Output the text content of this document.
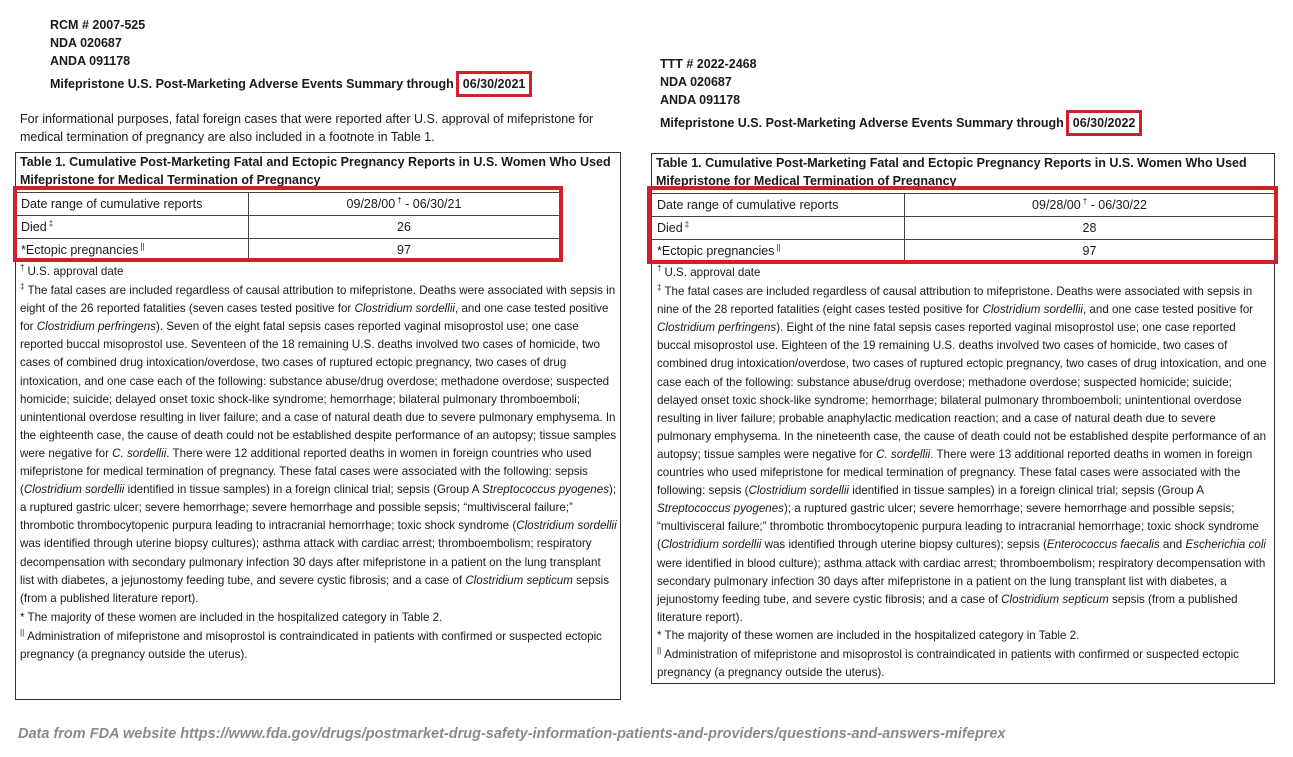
RCM # 2007-525
NDA 020687
ANDA 091178
Mifepristone U.S. Post-Marketing Adverse Events Summary through 06/30/2021
For informational purposes, fatal foreign cases that were reported after U.S. approval of mifepristone for medical termination of pregnancy are also included in a footnote in Table 1.
Table 1. Cumulative Post-Marketing Fatal and Ectopic Pregnancy Reports in U.S. Women Who Used Mifepristone for Medical Termination of Pregnancy
Date range of cumulative reports	09/28/00 † - 06/30/21
Died ‡	26
*Ectopic pregnancies ||	97

† U.S. approval date

‡ The fatal cases are included regardless of causal attribution to mifepristone. Deaths were associated with sepsis in eight of the 26 reported fatalities (seven cases tested positive for Clostridium sordellii, and one case tested positive for Clostridium perfringens). Seven of the eight fatal sepsis cases reported vaginal misoprostol use; one case reported buccal misoprostol use. Seventeen of the 18 remaining U.S. deaths involved two cases of homicide, two cases of combined drug intoxication/overdose, two cases of ruptured ectopic pregnancy, two cases of drug intoxication, and one case each of the following: substance abuse/drug overdose; methadone overdose; suspected homicide; suicide; delayed onset toxic shock-like syndrome; hemorrhage; bilateral pulmonary thromboemboli; unintentional overdose resulting in liver failure; and a case of natural death due to severe pulmonary emphysema. In the eighteenth case, the cause of death could not be established despite performance of an autopsy; tissue samples were negative for C. sordellii. There were 12 additional reported deaths in women in foreign countries who used mifepristone for medical termination of pregnancy. These fatal cases were associated with the following: sepsis (Clostridium sordellii identified in tissue samples) in a foreign clinical trial; sepsis (Group A Streptococcus pyogenes); a ruptured gastric ulcer; severe hemorrhage; severe hemorrhage and possible sepsis; “multivisceral failure;” thrombotic thrombocytopenic purpura leading to intracranial hemorrhage; toxic shock syndrome (Clostridium sordellii was identified through uterine biopsy cultures); asthma attack with cardiac arrest; thromboembolism; respiratory decompensation with secondary pulmonary infection 30 days after mifepristone in a patient on the lung transplant list with diabetes, a jejunostomy feeding tube, and severe cystic fibrosis; and a case of Clostridium septicum sepsis (from a published literature report).

* The majority of these women are included in the hospitalized category in Table 2.

|| Administration of mifepristone and misoprostol is contraindicated in patients with confirmed or suspected ectopic pregnancy (a pregnancy outside the uterus).

TTT # 2022-2468
NDA 020687
ANDA 091178
Mifepristone U.S. Post-Marketing Adverse Events Summary through 06/30/2022
Table 1. Cumulative Post-Marketing Fatal and Ectopic Pregnancy Reports in U.S. Women Who Used Mifepristone for Medical Termination of Pregnancy
Date range of cumulative reports	09/28/00 † - 06/30/22
Died ‡	28
*Ectopic pregnancies ||	97

† U.S. approval date

‡ The fatal cases are included regardless of causal attribution to mifepristone. Deaths were associated with sepsis in nine of the 28 reported fatalities (eight cases tested positive for Clostridium sordellii, and one case tested positive for Clostridium perfringens). Eight of the nine fatal sepsis cases reported vaginal misoprostol use; one case reported buccal misoprostol use. Eighteen of the 19 remaining U.S. deaths involved two cases of homicide, two cases of combined drug intoxication/overdose, two cases of ruptured ectopic pregnancy, two cases of drug intoxication, and one case each of the following: substance abuse/drug overdose; methadone overdose; suspected homicide; suicide; delayed onset toxic shock-like syndrome; hemorrhage; bilateral pulmonary thromboemboli; unintentional overdose resulting in liver failure; probable anaphylactic medication reaction; and a case of natural death due to severe pulmonary emphysema. In the nineteenth case, the cause of death could not be established despite performance of an autopsy; tissue samples were negative for C. sordellii. There were 13 additional reported deaths in women in foreign countries who used mifepristone for medical termination of pregnancy. These fatal cases were associated with the following: sepsis (Clostridium sordellii identified in tissue samples) in a foreign clinical trial; sepsis (Group A Streptococcus pyogenes); a ruptured gastric ulcer; severe hemorrhage; severe hemorrhage and possible sepsis; “multivisceral failure;” thrombotic thrombocytopenic purpura leading to intracranial hemorrhage; toxic shock syndrome (Clostridium sordellii was identified through uterine biopsy cultures); sepsis (Enterococcus faecalis and Escherichia coli were identified in blood culture); asthma attack with cardiac arrest; thromboembolism; respiratory decompensation with secondary pulmonary infection 30 days after mifepristone in a patient on the lung transplant list with diabetes, a jejunostomy feeding tube, and severe cystic fibrosis; and a case of Clostridium septicum sepsis (from a published literature report).

* The majority of these women are included in the hospitalized category in Table 2.

|| Administration of mifepristone and misoprostol is contraindicated in patients with confirmed or suspected ectopic pregnancy (a pregnancy outside the uterus).

Data from FDA website https://www.fda.gov/drugs/postmarket-drug-safety-information-patients-and-providers/questions-and-answers-mifeprex
